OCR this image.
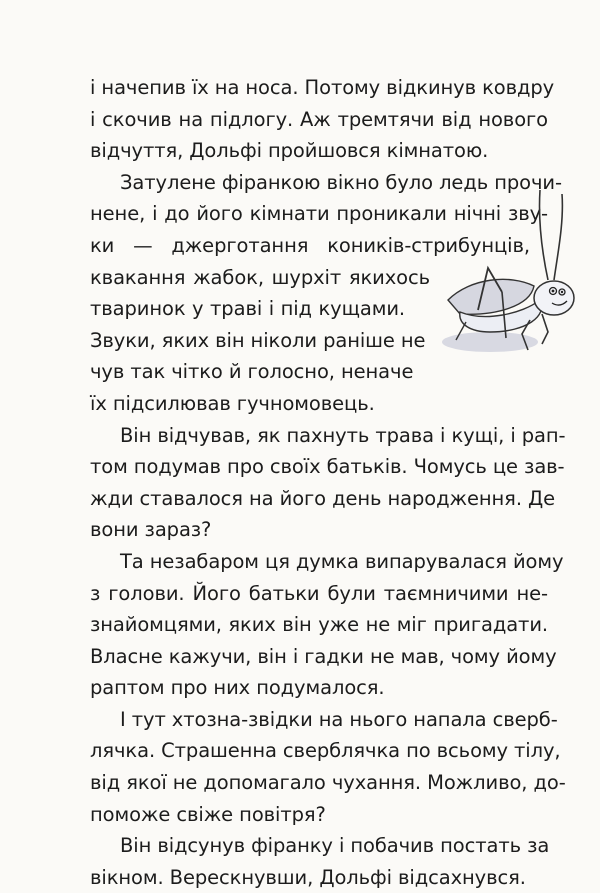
і начепив їх на носа. Потому відкинув ковдру
і скочив на підлогу. Аж тремтячи від нового
відчуття, Дольфі пройшовся кімнатою.
Затулене фіранкою вікно було ледь прочи-
нене, і до його кімнати проникали нічні зву-
ки — джерготання коників-стрибунців,
квакання жабок, шурхіт якихось
тваринок у траві і під кущами.
Звуки, яких він ніколи раніше не
чув так чітко й голосно, неначе
їх підсилював гучномовець.
Він відчував, як пахнуть трава і кущі, і рап-
том подумав про своїх батьків. Чомусь це зав-
жди ставалося на його день народження. Де
вони зараз?
Та незабаром ця думка випарувалася йому
з голови. Його батьки були таємничими не-
знайомцями, яких він уже не міг пригадати.
Власне кажучи, він і гадки не мав, чому йому
раптом про них подумалося.
І тут хтозна-звідки на нього напала сверб-
лячка. Страшенна сверблячка по всьому тілу,
від якої не допомагало чухання. Можливо, до-
поможе свіже повітря?
Він відсунув фіранку і побачив постать за
вікном. Верескнувши, Дольфі відсахнувся.
